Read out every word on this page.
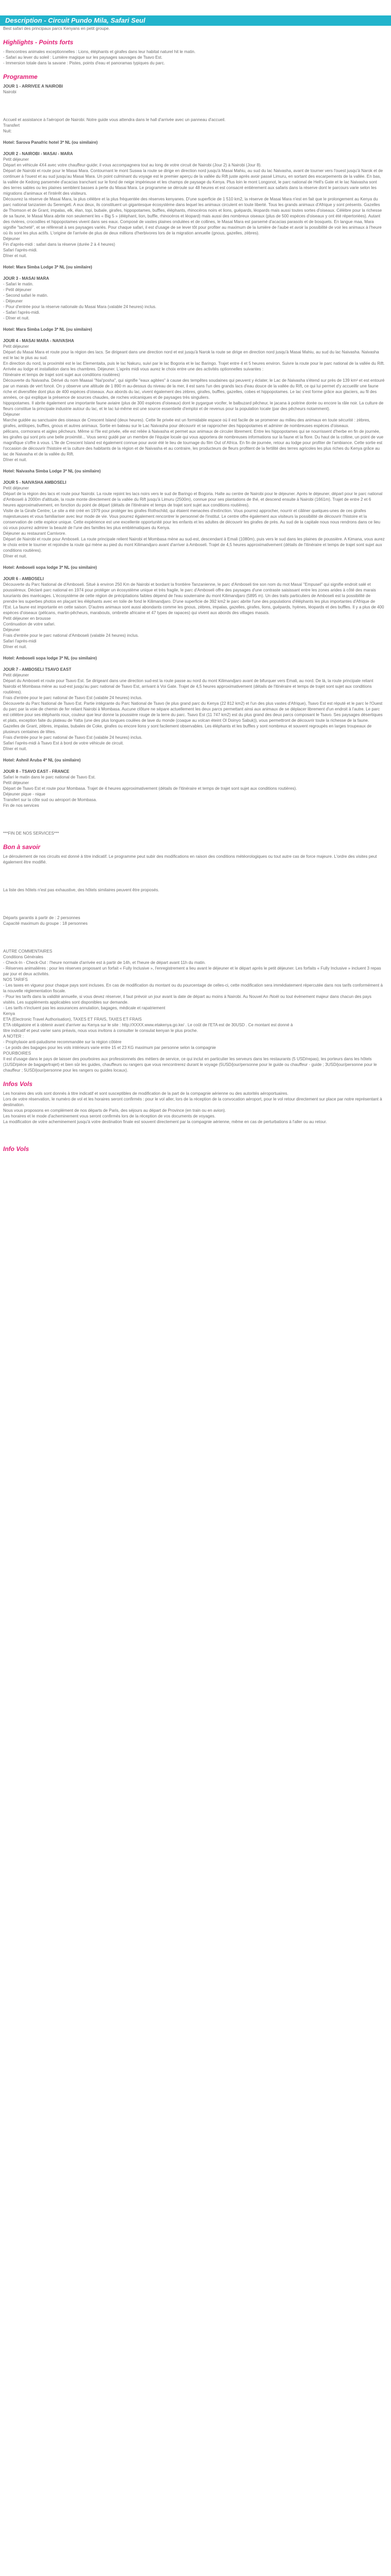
Description - Circuit Pundo Mila, Safari Seul

Best safari des principaux parcs Kenyans en petit groupe.

Highlights - Points forts

- Rencontres animales exceptionnelles : Lions, éléphants et girafes dans leur habitat naturel hit le matin.

- Safari au lever du soleil : Lumière magique sur les paysages sauvages de Tsavo Est.

- Immersion totale dans la savane : Pistes, points d'eau et panoramas typiques du parc.

Programme

JOUR 1 - ARRIVEE A NAIROBI

Nairobi

Accueil et assistance à l'aéroport de Nairobi. Notre guide vous attendra dans le hall d'arrivée avec un panneau d'accueil.

Transfert

Nuit:

Hotel: Sarova Panafric hotel 3* NL (ou similaire)

JOUR 2 - NAIROBI - MASAI - MARA

Petit déjeuner

Départ en véhicule 4X4 avec votre chauffeur-guide; il vous accompagnera tout au long de votre circuit de Nairobi (Jour 2) à Nairobi (Jour 8).

Départ de Nairobi et route pour le Masai Mara. Contournant le mont Suswa la route se dirige en direction nord jusqu'à Masai Mahiu, au sud du lac Naivasha, avant de tourner vers l'ouest jusqu'à Narok et de continuer à l'ouest et au sud jusqu'au Masai Mara. Un point culminant du voyage est le premier aperçu de la vallée du Rift juste après avoir passé Limuru, en sortant des escarpements de la vallée. En bas, la vallée de Kedong parsemée d'acacias tranchant sur le fond de neige impérieuse et les champs de paysage du Kenya. Plus loin le mont Longonot, le parc national de Hell's Gate et le lac Naivasha sont des terres sables ou les plaines semblent basses à perte du Masai Mara. Le programme se déroule sur 48 heures et est consacré entièrement aux safaris dans la réserve dont le parcours varie selon les migrations d'animaux et l'intérêt des visiteurs.

Découvrez la réserve de Masai Mara, la plus célèbre et la plus fréquentée des réserves kenyanes. D'une superficie de 1 510 km2, la réserve de Masai Mara n'est en fait que le prolongement au Kenya du parc national tanzanien du Serengeti. A eux deux, ils constituent un gigantesque écosystème dans lequel les animaux circulent en toute liberté. Tous les grands animaux d'Afrique y sont présents. Gazelles de Thomson et de Grant, impalas, elk, élan, topi, bubale, girafes, hippopotames, buffles, éléphants, rhinocéros noirs et lions, guépards, léopards mais aussi toutes sortes d'oiseaux. Célèbre pour la richesse de sa faune, le Masai Mara abrite non seulement les « Big 5 » (éléphant, lion, buffle, rhinocéros et léopard) mais aussi des nombreux oiseaux (plus de 500 espèces d'oiseaux y ont été répertoriées). Autant des rivières, crocodiles et hippopotames vivent dans ses eaux. Composé de vastes plaines ondulées et de collines, le Masai Mara est parsemé d'acacias parasols et de bosquets. En langue maa, Mara signifie "tacheté", et se réfèrerait à ses paysages variés. Pour chaque safari, il est d'usage de se lever tôt pour profiter au maximum de la lumière de l'aube et avoir la possibilité de voir les animaux à l'heure où ils sont les plus actifs. L'origine de l'arrivée de plus de deux millions d'herbivores lors de la migration annuelle (gnous, gazelles, zèbres).

Déjeuner

Fin d'après-midi : safari dans la réserve (durée 2 à 4 heures)

Safari l'après-midi.

Dîner et nuit.

Hotel: Mara Simba Lodge 3* NL (ou similaire)

JOUR 3 - MASAI MARA

- Safari le matin.

- Petit déjeuner

- Second safari le matin.

- Déjeuner

- Pour d'entrée pour la réserve nationale du Masai Mara (valable 24 heures) inclus.

- Safari l'après-midi.

- Dîner et nuit.

Hotel: Mara Simba Lodge 3* NL (ou similaire)

JOUR 4 - MASAI MARA - NAIVASHA

Petit déjeuner

Départ du Masai Mara et route pour la région des lacs. Se dirigeant dans une direction nord et est jusqu'à Narok la route se dirige en direction nord jusqu'à Masai Mahiu, au sud du lac Naivasha. Naivasha est le lac le plus au sud.

En direction du nord, la proximité est le lac Elementaita, puis le lac Nakuru, suivi par le lac Bogoria et le lac Baringo. Trajet entre 4 et 5 heures environ. Suivre la route pour le parc national de la vallée du Rift. Arrivée au lodge et installation dans les chambres. Déjeuner. L'après midi vous aurez le choix entre une des activités optionnelles suivantes :

l'itinéraire et temps de trajet sont sujet aux conditions routières)

Découverte du Naivasha. Dérivé du nom Maasaï "Nai'posha", qui signifie "eaux agitées" à cause des tempêtes soudaines qui peuvent y éclater, le Lac de Naivasha s'étend sur près de 139 km² et est entouré par un marais de vert foncé. On y observe une altitude de 1 890 m au-dessus du niveau de la mer, il est sans l'un des grands lacs d'eau douce de la vallée du Rift, ce qui lui permet d'y accueillir une faune riche et diversifiée dont plus de 400 espèces d'oiseaux. Aux abords du lac, vivent également des zèbres, girafes, buffles, gazelles, cobes et hippopotames. Le lac s'est forme grâce aux glaciers, au fil des années, ce qui explique la présence de sources chaudes, de roches volcaniques et de paysages très singuliers.

hippopotames. Il abrite également une importante faune aviaire (plus de 300 espèces d'oiseaux) dont le pygargue vocifer, le balbuzard pêcheur, le jacana à poitrine dorée ou encore la râle noir. La culture de fleurs constitue la principale industrie autour du lac, et le lac lui-même est une source essentielle d'emploi et de revenus pour la population locale (par des pêcheurs notamment).

Déjeuner

Marche guidée au sanctuaire des oiseaux de Crescent Island (deux heures). Cette île privée est un formidable espace où il est facile de se promener au milieu des animaux en toute sécurité : zèbres, girafes, antilopes, buffles, gnous et autres animaux. Sortie en bateau sur le Lac Naivasha pour découvrir et se rapprocher des hippopotames et admirer de nombreuses espèces d'oiseaux.

pélicans, cormorans et aigles pêcheurs. Même si l'île est privée, elle est reliée à Naivasha et permet aux animaux de circuler librement. Entre les hippopotames qui se nourrissent d'herbe en fin de journée, les girafes qui sont pris une belle proximité... Vous serez guidé par un membre de l'équipe locale qui vous apportera de nombreuses informations sur la faune et la flore. Du haut de la colline, un point de vue magnifique s'offre à vous. L'île de Crescent Island est également connue pour avoir été le lieu de tournage du film Out of Africa. En fin de journée, retour au lodge pour profiter de l'ambiance. Cette sortie est l'occasion de découvrir l'histoire et la culture des habitants de la région et de Naivasha et au contraire, les producteurs de fleurs profitent de la fertilité des terres agricoles les plus riches du Kenya grâce au lac de Naivasha et de la vallée du Rift.

Dîner et nuit.

Hotel: Naivasha Simba Lodge 3* NL (ou similaire)

JOUR 5 - NAIVASHA AMBOSELI

Petit déjeuner

Départ de la région des lacs et route pour Nairobi. La route rejoint les lacs noirs vers le sud de Baringo et Bogoria. Halte au centre de Nairobi pour le déjeuner. Après le déjeuner, départ pour le parc national d'Amboseli à 2000m d'altitude, la route monte directement de la vallée du Rift jusqu'à Limuru (2500m), connue pour ses plantations de thé, et descend ensuite à Nairobi (1661m). Trajet de entre 2 et 6 heures approximativement, en fonction du point de départ (détails de l'itinéraire et temps de trajet sont sujet aux conditions routières).

Visite de la Girafe Centre; Le site a été créé en 1979 pour protéger les girafes Rothschild, qui étaient menacées d'extinction. Vous pourrez approcher, nourrir et câliner quelques-unes de ces girafes majestueuses et vous familiariser avec leur mode de vie. Vous pourrez également rencontrer le personnel de l'institut. Le centre offre également aux visiteurs la possibilité de découvrir l'histoire et la conservation de cette espèce unique. Cette expérience est une excellente opportunité pour les enfants et les adultes de découvrir les girafes de près. Au sud de la capitale nous nous rendrons dans ce lieu où vous pourrez admirer la beauté de l'une des familles les plus emblématiques du Kenya.

Déjeuner au restaurant Carnivore.

Départ de Nairobi et route pour Amboseli. La route principale relient Nairobi et Mombasa mène au sud-est, descendant à Emali (1080m), puis vers le sud dans les plaines de poussière. A Kimana, vous aurez le choix entre le tourner et rejoindre la route qui mène au pied du mont Kilimandjaro avant d'arriver à Amboseli. Trajet de 4,5 heures approximativement (détails de l'itinéraire et temps de trajet sont sujet aux conditions routières).

Dîner et nuit.

Hotel: Amboseli sopa lodge 3* NL (ou similaire)

JOUR 6 - AMBOSELI

Découverte du Parc National de d'Amboseli. Situé à environ 250 Km de Nairobi et bordant la frontière Tanzanienne, le parc d'Amboseli tire son nom du mot Masaï "Empusel" qui signifie endroit salé et poussiéreux. Déclaré parc national en 1974 pour protéger un écosystème unique et très fragile, le parc d'Amboseli offre des paysages d'une contraste saisissant entre les zones arides à côté des marais luxuriants des marécages. L'écosystème de cette région de précipitations faibles dépend de l'eau souterraine du mont Kilimandjaro (5895 m). Un des traits particuliers de Amboseli est la possibilité de prendre les superbes photos en plaçant les éléphants avec en toile de fond le Kilimandjaro. D'une superficie de 392 km2 le parc abrite l'une des populations d'éléphants les plus importantes d'Afrique de l'Est. La faune est importante en cette saison. D'autres animaux sont aussi abondants comme les gnous, zèbres, impalas, gazelles, girafes, lions, guépards, hyènes, léopards et des buffles. Il y a plus de 400 espèces d'oiseaux (pélicans, martin-pêcheurs, marabouts, ombrette africaine et 47 types de rapaces) qui vivent aux abords des villages masaïs.

Petit déjeuner en brousse

Continuation de votre safari.

Déjeuner

Frais d'entrée pour le parc national d'Amboseli (valable 24 heures) inclus.

Safari l'après-midi

Dîner et nuit.

Hotel: Amboseli sopa lodge 3* NL (ou similaire)

JOUR 7 - AMBOSELI TSAVO EAST

Petit déjeuner

Départ du Amboseli et route pour Tsavo Est. Se dirigeant dans une direction sud-est la route passe au nord du mont Kilimandjaro avant de bifurquer vers Emali, au nord. De là, la route principale reliant Nairobi et Mombasa mène au sud-est jusqu'au parc national de Tsavo Est, arrivant à Voi Gate. Trajet de 4,5 heures approximativement (détails de l'itinéraire et temps de trajet sont sujet aux conditions routières).

Frais d'entrée pour le parc national de Tsavo Est (valable 24 heures) inclus.

Découverte du Parc National de Tsavo Est. Partie intégrante du Parc National de Tsavo (le plus grand parc du Kenya (22 812 km2) et l'un des plus vastes d'Afrique), Tsavo Est est réputé et le parc le l'Ouest du parc par la voie de chemin de fer reliant Nairobi à Mombasa. Aucune clôture ne sépare actuellement les deux parcs permettant ainsi aux animaux de se déplacer librement d'un endroit à l'autre. Le parc est célèbre pour ses éléphants roux, couleur que leur donne la poussière rouge de la terre du parc. Tsavo Est (11 747 km2) est du plus grand des deux parcs composant le Tsavo. Ses paysages désertiques et plats, exception faite du plateau de Yatta (une des plus longues coulées de lave du monde (coaque au volcan éteint Ol Doinyo Sabuk)), vous permettront de découvrir toute la richesse de la faune. Gazelles de Grant, zèbres, impalas, bubales de Coke, girafes ou encore lions y sont facilement observables. Les éléphants et les buffles y sont nombreux et souvent regroupés en larges troupeaux de plusieurs centaines de têtes.

Frais d'entrée pour le parc national de Tsavo Est (valable 24 heures) inclus.

Safari l'après-midi à Tsavo Est à bord de votre véhicule de circuit.

Dîner et nuit.

Hotel: Ashnil Aruba 4* NL (ou similaire)

JOUR 8 - TSAVO EAST - FRANCE

Safari le matin dans le parc national de Tsavo Est.

Petit déjeuner

Départ de Tsavo Est et route pour Mombasa. Trajet de 4 heures approximativement (détails de l'itinéraire et temps de trajet sont sujet aux conditions routières).

Déjeuner pique - nique

Transfert sur la côte sud ou aéroport de Mombasa.

Fin de nos services

***FIN DE NOS SERVICES***

Bon à savoir

Le déroulement de nos circuits est donné à titre indicatif. Le programme peut subir des modifications en raison des conditions météorologiques ou tout autre cas de force majeure. L'ordre des visites peut également être modifié.

La liste des hôtels n'est pas exhaustive, des hôtels similaires peuvent être proposés.

Départs garantis à partir de : 2 personnes

Capacité maximum du groupe : 18 personnes

AUTRE COMMENTAIRES

Conditions Générales

- Check-In - Check-Out : l'heure normale d'arrivée est à partir de 14h, et l'heure de départ avant 11h du matin.

- Réserves animalières : pour les réserves proposant un forfait « Fully Inclusive », l'enregistrement a lieu avant le déjeuner et le départ après le petit déjeuner. Les forfaits « Fully Inclusive » incluent 3 repas par jour et deux activités.

NOS TARIFS

- Les taxes en vigueur pour chaque pays sont incluses. En cas de modification du montant ou du pourcentage de celles-ci, cette modification sera immédiatement répercutée dans nos tarifs conformément à la nouvelle réglementation fiscale.

- Pour les tarifs dans la validité annuelle, si vous devez réserver, il faut prévoir un jour avant la date de départ au moins à Nairobi. Au Nouvel An /Noël ou tout évènement majeur dans chacun des pays visités. Les suppléments applicables sont disponibles sur demande.

- Les tarifs n'incluent pas les assurances annulation, bagages, médicale et rapatriement

Kenya

ETA (Electronic Travel Authorisation), TAXES ET FRAIS, TAXES ET FRAIS

ETA obligatoire et à obtenir avant d'arriver au Kenya sur le site : http://XXXX.www.etakenya.go.ke/ . Le coût de l'ETA est de 30USD . Ce montant est donné à

titre indicatif et peut varier sans préavis, nous vous invitons à consulter le consulat kenyan le plus proche.

A NOTER :

- Prophylaxie anti-paludisme recommandée sur la région côtière

- Le poids des bagages pour les vols intérieurs varie entre 15 et 23 KG maximum par personne selon la compagnie

POURBOIRES

Il est d'usage dans le pays de laisser des pourboires aux professionnels des métiers de service, ce qui inclut en particulier les serveurs dans les restaurants (5 USD/repas), les porteurs dans les hôtels (1USD/pièce de bagage/trajet) et bien sûr les guides, chauffeurs ou rangers que vous rencontrerez durant le voyage (5USD/jour/personne pour le guide ou chauffeur - guide ; 3USD/jour/personne pour le chauffeur ; 5USD/jour/personne pour les rangers ou guides locaux).

Infos Vols

Les horaires des vols sont donnés à titre indicatif et sont susceptibles de modification de la part de la compagnie aérienne ou des autorités aéroportuaires.

Lors de votre réservation, le numéro de vol et les horaires seront confirmés : pour le vol aller, lors de la réception de la convocation aéroport, pour le vol retour directement sur place par notre représentant à destination.

Nous vous proposons en complément de nos départs de Paris, des séjours au départ de Province (en train ou en avion).

Les horaires et le mode d'acheminement vous seront confirmés lors de la réception de vos documents de voyages.

La modification de votre acheminement jusqu'à votre destination finale est souvent directement par la compagnie aérienne, même en cas de perturbations à l'aller ou au retour.

Info Vols
